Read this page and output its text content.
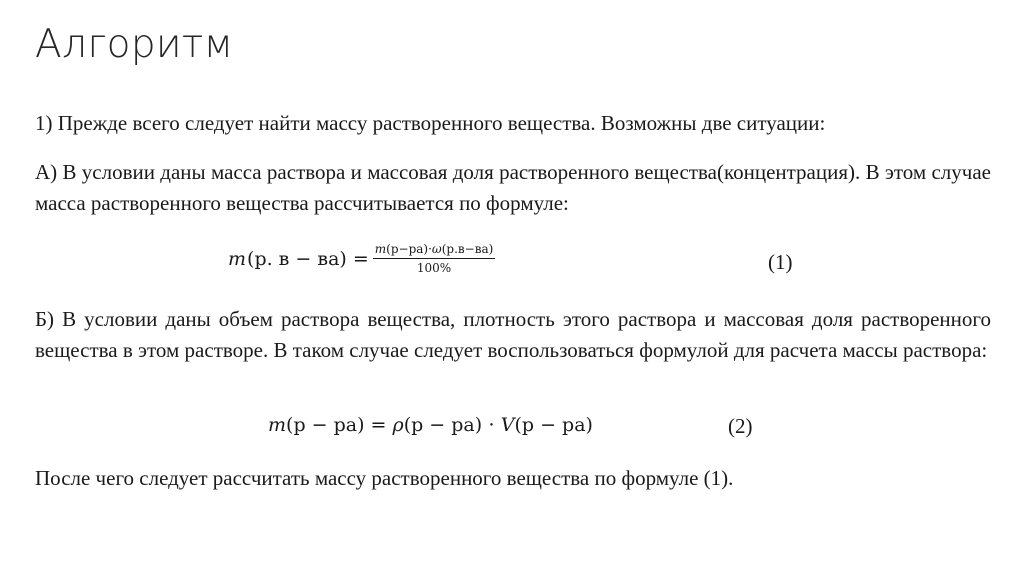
Алгоритм
1) Прежде всего следует найти массу растворенного вещества. Возможны две ситуации:
А) В условии даны масса раствора и массовая доля растворенного вещества(концентрация). В этом случае масса растворенного вещества рассчитывается по формуле:
m (р. $в - ва) = \frac{m(р-ра)\cdot\omega(р.в-ва)}{100\%}$	(1)
Б) В условии даны объем раствора вещества, плотность этого раствора и массовая доля растворенного вещества в этом растворе. В таком случае следует воспользоваться формулой для расчета массы раствора:
m (р − ра) = ρ (р − ра) ⋅ V (р − ра)	(2)
После чего следует рассчитать массу растворенного вещества по формуле (1).
